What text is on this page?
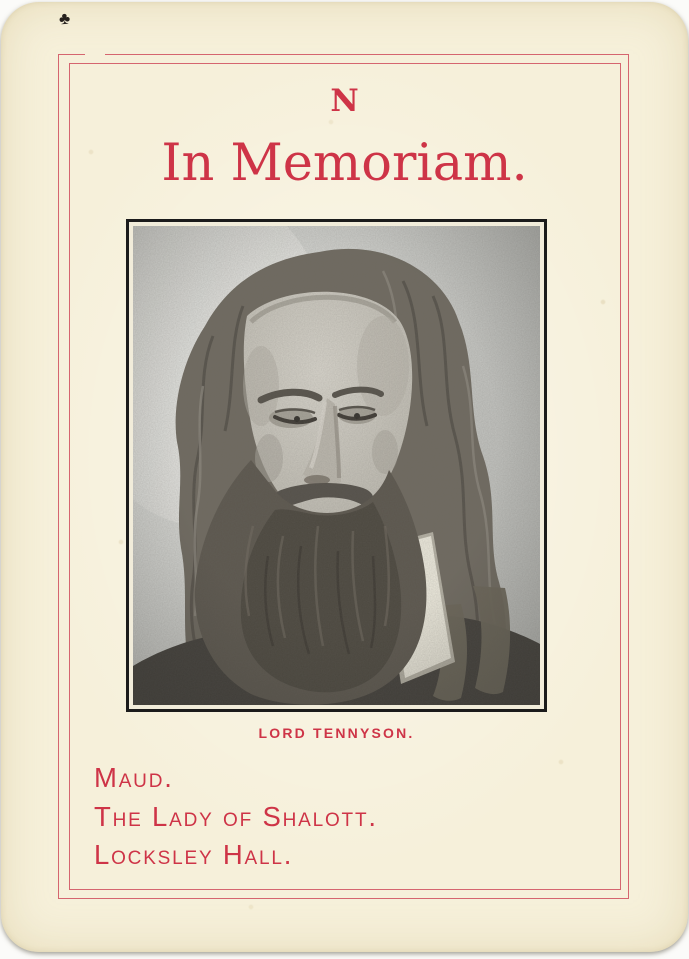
♣
N
In Memoriam.
LORD TENNYSON.
Maud.
The Lady of Shalott.
Locksley Hall.
